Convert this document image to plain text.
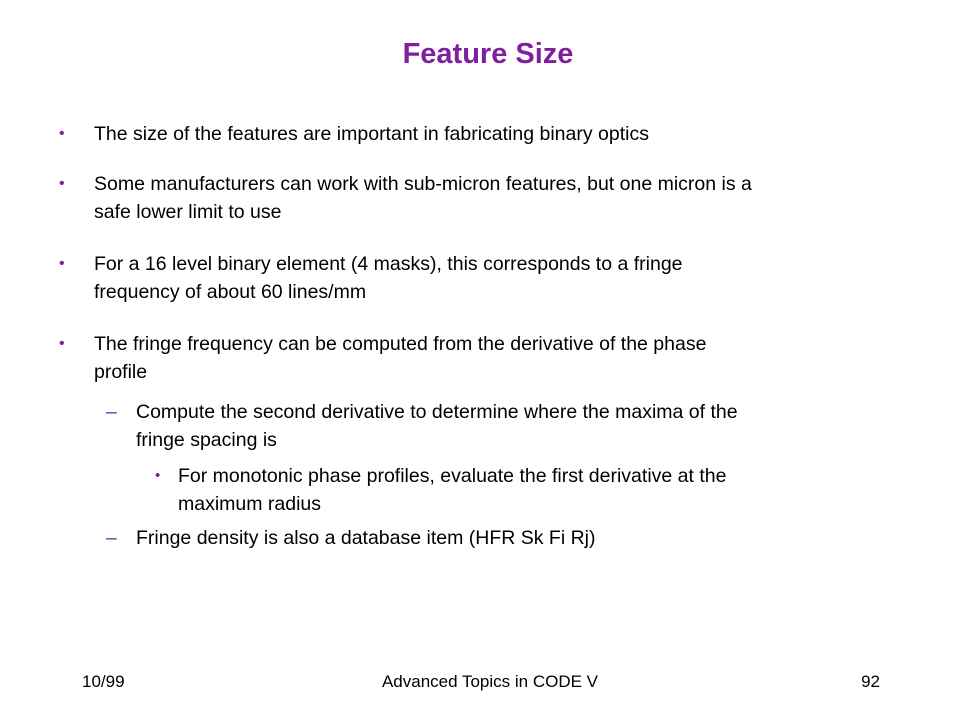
Feature Size
• The size of the features are important in fabricating binary optics
• Some manufacturers can work with sub-micron features, but one micron is a
safe lower limit to use
• For a 16 level binary element (4 masks), this corresponds to a fringe
frequency of about 60 lines/mm
• The fringe frequency can be computed from the derivative of the phase
profile
– Compute the second derivative to determine where the maxima of the
fringe spacing is
• For monotonic phase profiles, evaluate the first derivative at the
maximum radius
– Fringe density is also a database item (HFR Sk Fi Rj)
10/99	Advanced Topics in CODE V	92
